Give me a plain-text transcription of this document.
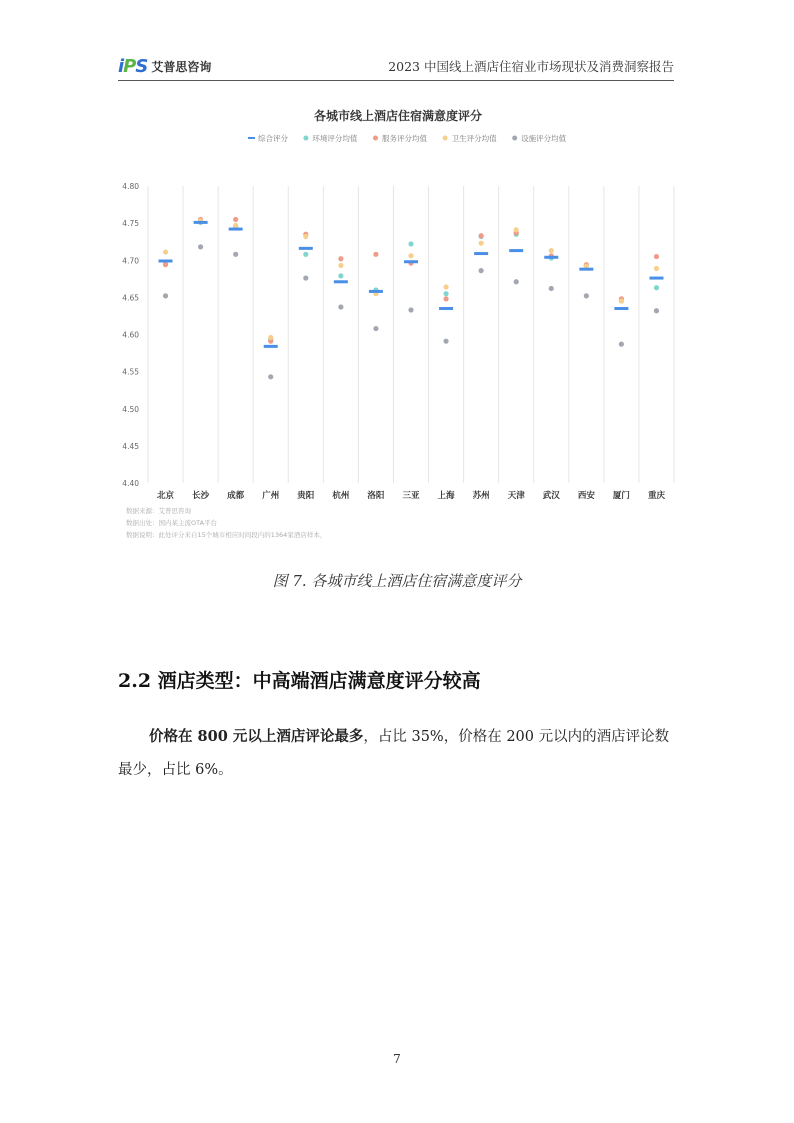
iPS 艾普思咨询	2023 中国线上酒店住宿业市场现状及消费洞察报告
各城市线上酒店住宿满意度评分
综合评分	环境评分均值	服务评分均值	卫生评分均值	设施评分均值
4.80
4.75
4.70
4.65
4.60
4.55
4.50
4.45
4.40
北京 长沙 成都 广州 贵阳 杭州 洛阳 三亚 上海 苏州 天津 武汉 西安 厦门 重庆
数据来源：艾普思咨询
数据出处：国内某主流OTA平台
数据说明：此处评分来自15个城市相应时间段内的1364家酒店样本，
图 7. 各城市线上酒店住宿满意度评分
2.2 酒店类型：中高端酒店满意度评分较高
价格在 800 元以上酒店评论最多，占比 35%，价格在 200 元以内的酒店评论数最少，占比 6%。
7
